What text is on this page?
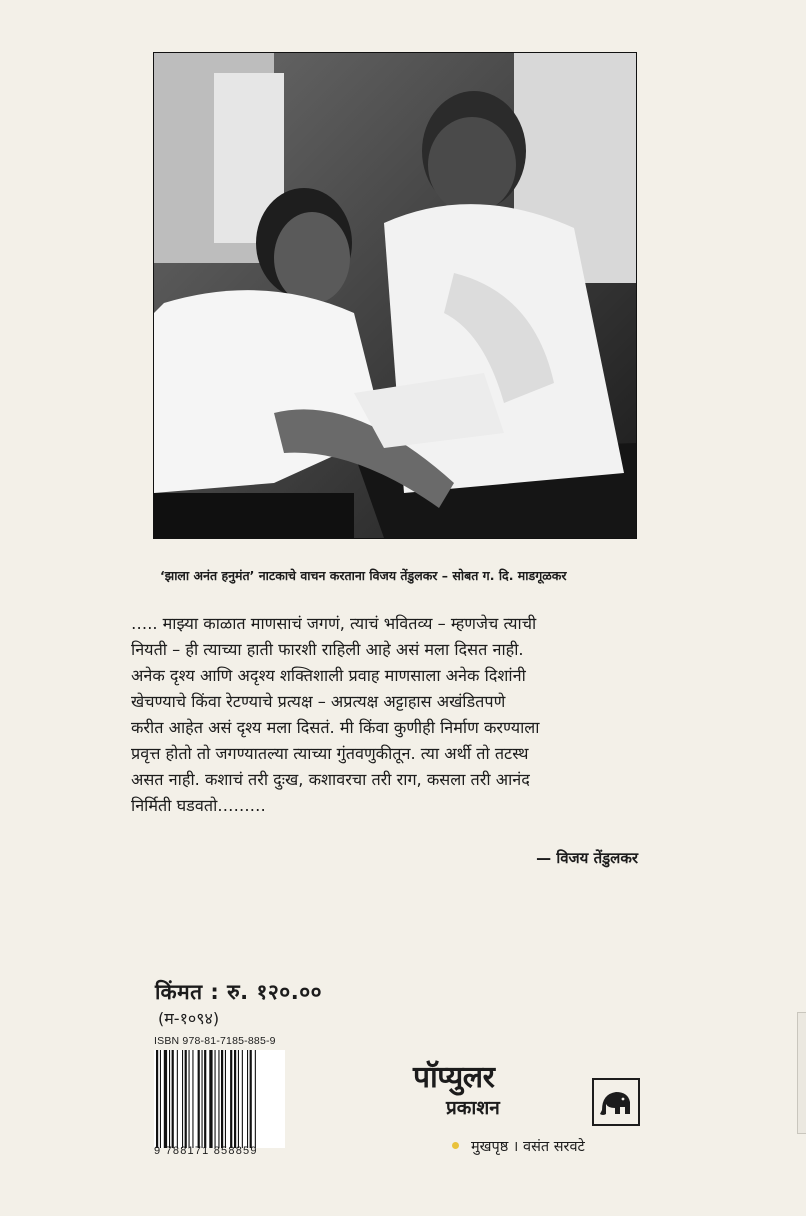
‘झाला अनंत हनुमंत’ नाटकाचे वाचन करताना विजय तेंडुलकर – सोबत ग. दि. माडगूळकर

….. माझ्या काळात माणसाचं जगणं, त्याचं भवितव्य – म्हणजेच त्याची

नियती – ही त्याच्या हाती फारशी राहिली आहे असं मला दिसत नाही.

अनेक दृश्य आणि अदृश्य शक्तिशाली प्रवाह माणसाला अनेक दिशांनी

खेचण्याचे किंवा रेटण्याचे प्रत्यक्ष – अप्रत्यक्ष अट्टाहास अखंडितपणे

करीत आहेत असं दृश्य मला दिसतं. मी किंवा कुणीही निर्माण करण्याला

प्रवृत्त होतो तो जगण्यातल्या त्याच्या गुंतवणुकीतून. त्या अर्थी तो तटस्थ

असत नाही. कशाचं तरी दुःख, कशावरचा तरी राग, कसला तरी आनंद

निर्मिती घडवतो………

— विजय तेंडुलकर
किंमत : रु. १२०.००
(म-१०९४)
ISBN 978-81-7185-885-9
9 788171 858859
पॉप्युलर
प्रकाशन
मुखपृष्ठ । वसंत सरवटे
